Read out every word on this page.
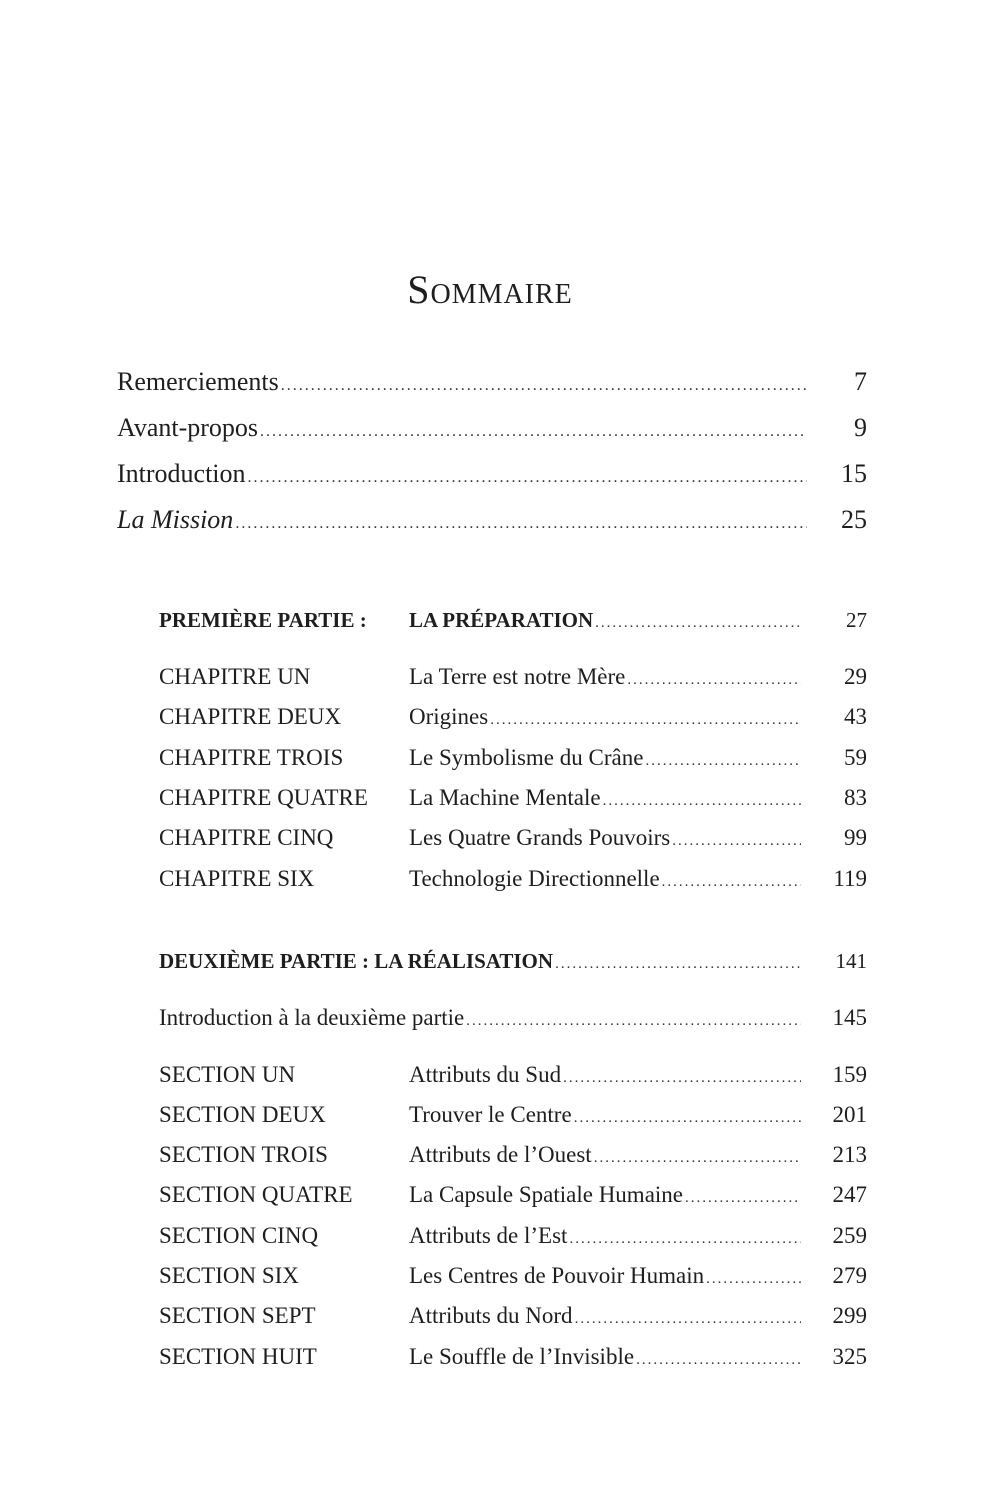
Sommaire
Remerciements .....	7
Avant-propos .....	9
Introduction .....	15
La Mission .....	25
PREMIÈRE PARTIE :	LA PRÉPARATION .....	27
CHAPITRE UN	La Terre est notre Mère .....	29
CHAPITRE DEUX	Origines .....	43
CHAPITRE TROIS	Le Symbolisme du Crâne .....	59
CHAPITRE QUATRE	La Machine Mentale .....	83
CHAPITRE CINQ	Les Quatre Grands Pouvoirs .....	99
CHAPITRE SIX	Technologie Directionnelle .....	119
DEUXIÈME PARTIE : LA RÉALISATION .....	141
Introduction à la deuxième partie .....	145
SECTION UN	Attributs du Sud .....	159
SECTION DEUX	Trouver le Centre .....	201
SECTION TROIS	Attributs de l’Ouest .....	213
SECTION QUATRE	La Capsule Spatiale Humaine .....	247
SECTION CINQ	Attributs de l’Est .....	259
SECTION SIX	Les Centres de Pouvoir Humain .....	279
SECTION SEPT	Attributs du Nord .....	299
SECTION HUIT	Le Souffle de l’Invisible .....	325
